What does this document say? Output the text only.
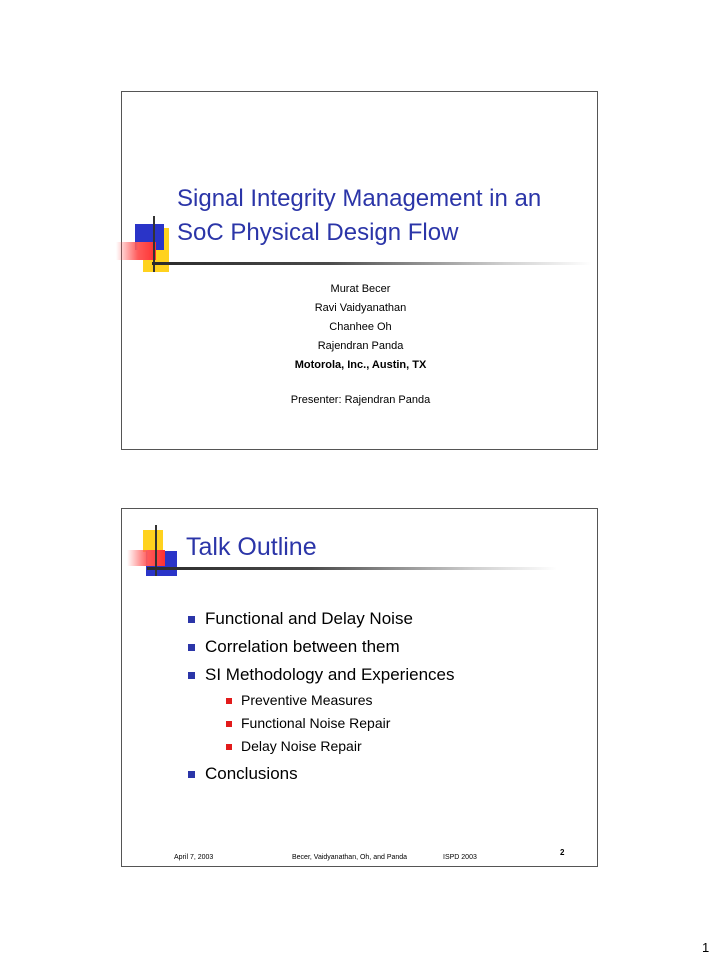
Signal Integrity Management in an SoC Physical Design Flow
Murat Becer
Ravi Vaidyanathan
Chanhee Oh
Rajendran Panda
Motorola, Inc., Austin, TX
Presenter: Rajendran Panda
Talk Outline
Functional and Delay Noise
Correlation between them
SI Methodology and Experiences
Preventive Measures
Functional Noise Repair
Delay Noise Repair
Conclusions
April 7, 2003	Becer, Vaidyanathan, Oh, and Panda	ISPD 2003
2
1
